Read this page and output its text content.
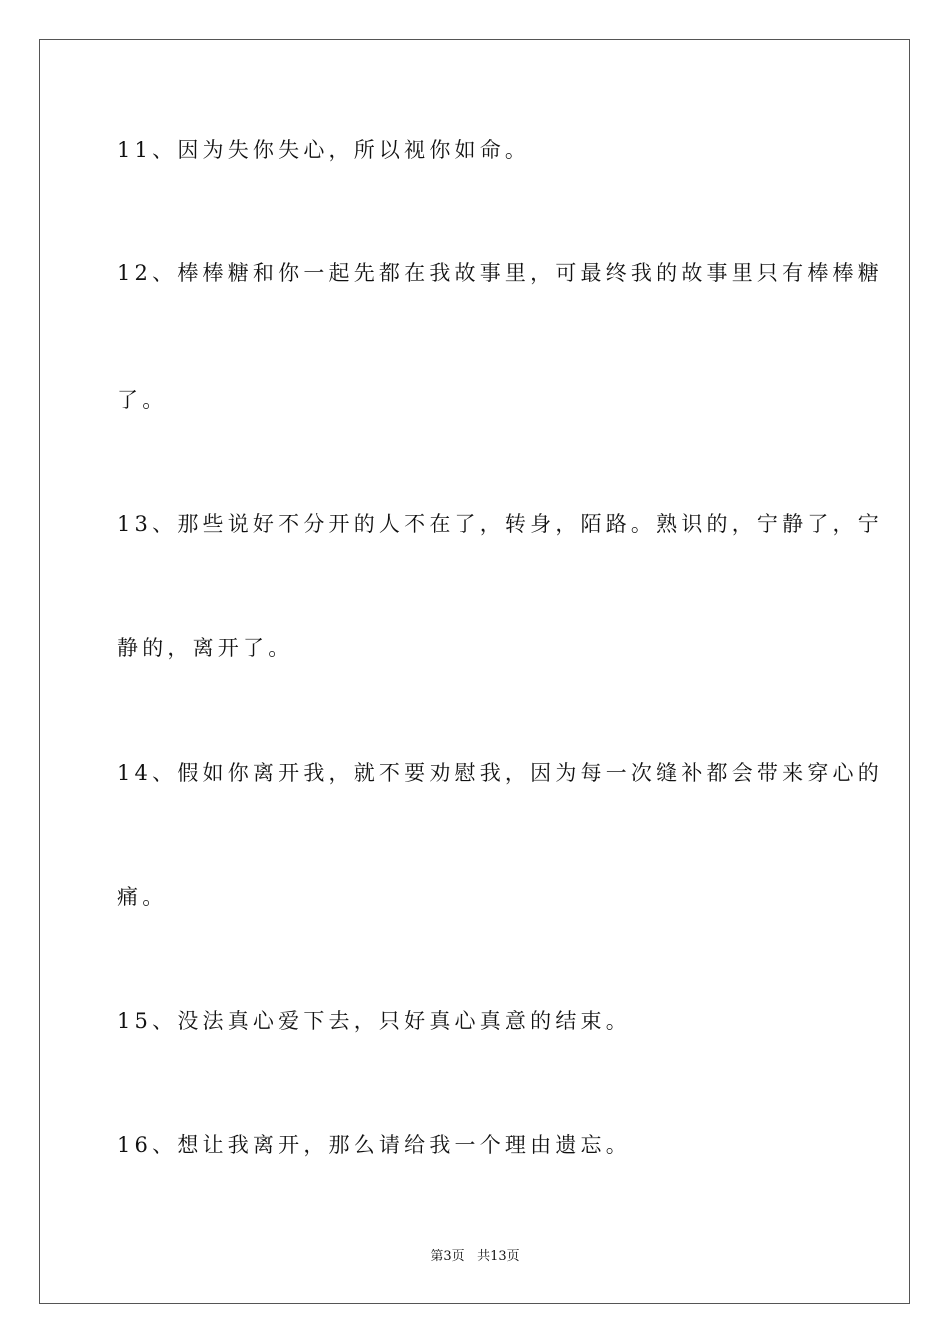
11、因为失你失心，所以视你如命。
12、棒棒糖和你一起先都在我故事里，可最终我的故事里只有棒棒糖
了。
13、那些说好不分开的人不在了，转身，陌路。熟识的，宁静了，宁
静的，离开了。
14、假如你离开我，就不要劝慰我，因为每一次缝补都会带来穿心的
痛。
15、没法真心爱下去，只好真心真意的结束。
16、想让我离开，那么请给我一个理由遗忘。
第3页 共13页
